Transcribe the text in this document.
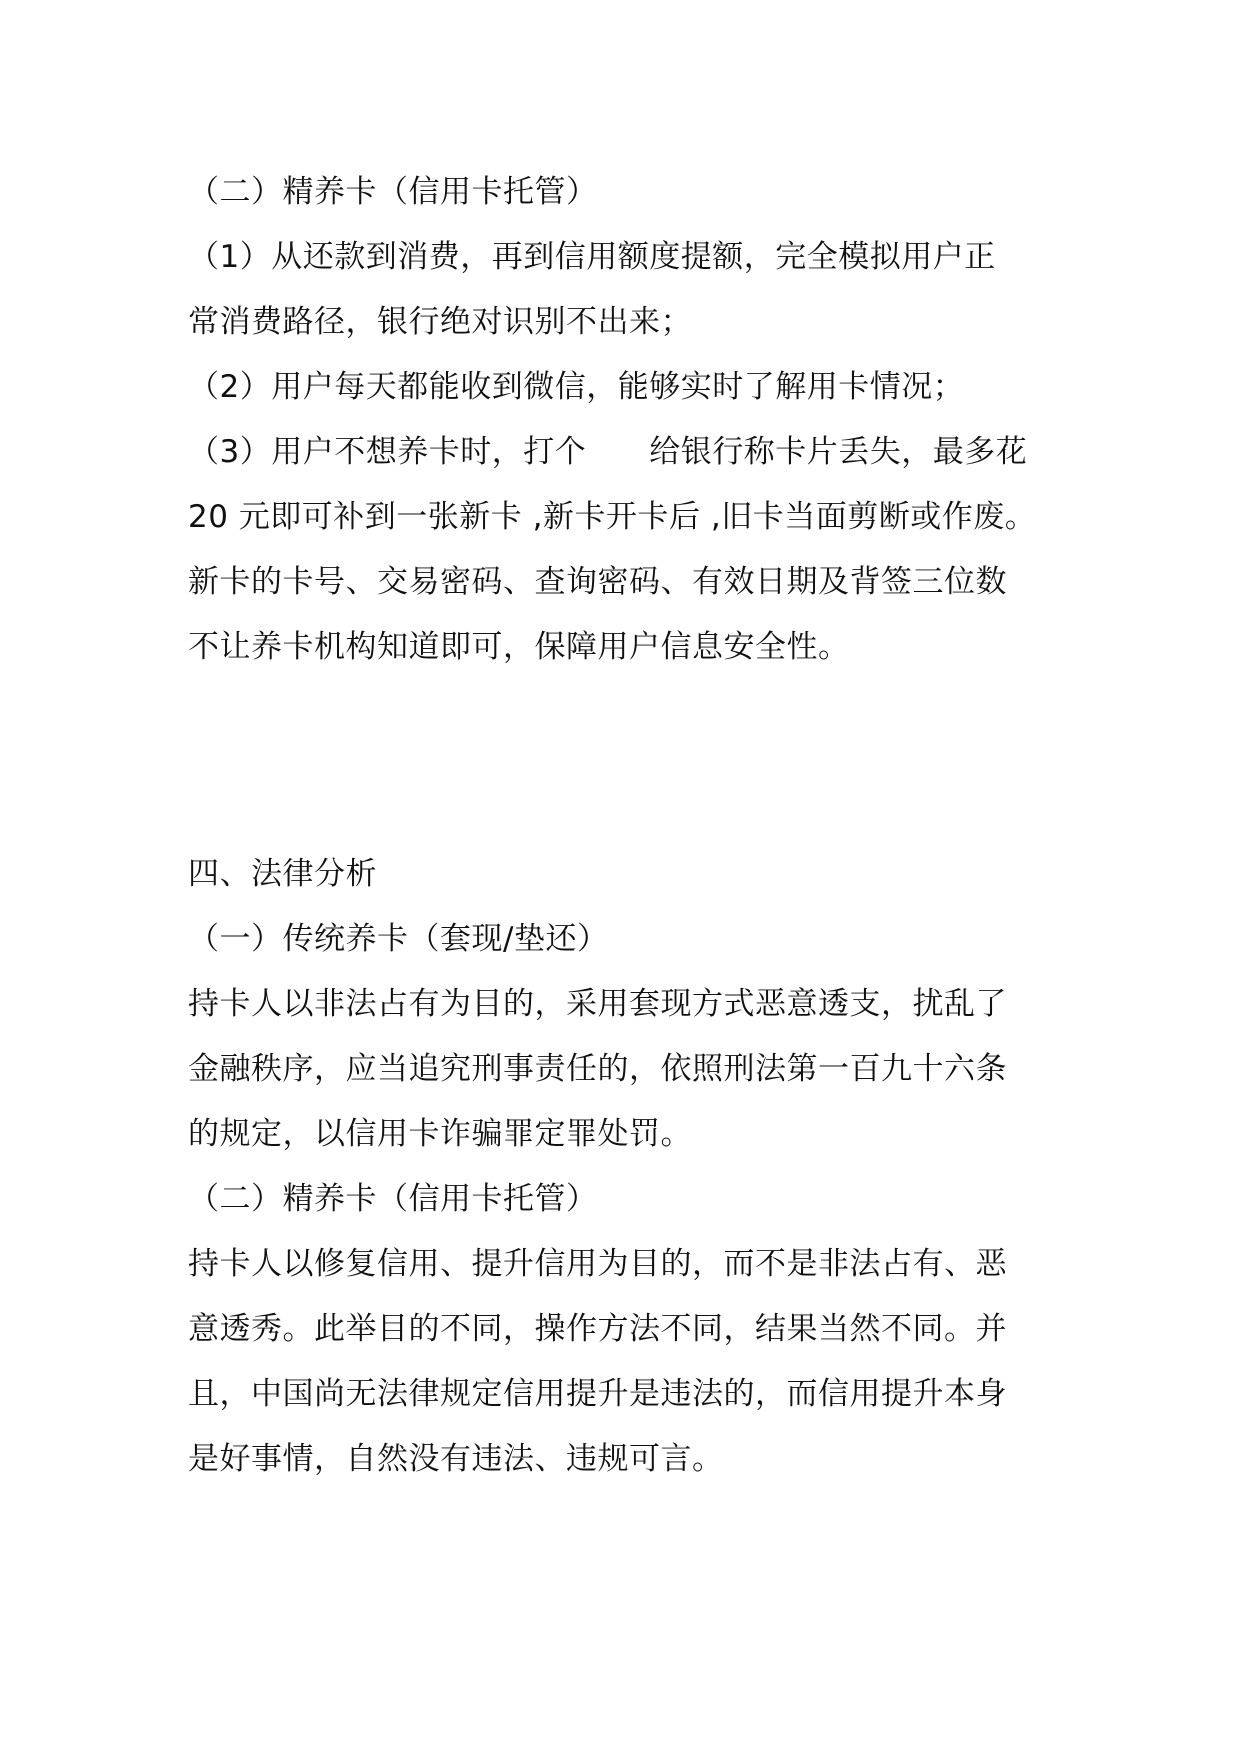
（二）精养卡（信用卡托管）
（1）从还款到消费，再到信用额度提额，完全模拟用户正
常消费路径，银行绝对识别不出来；
（2）用户每天都能收到微信，能够实时了解用卡情况；
（3）用户不想养卡时，打个　　给银行称卡片丢失，最多花
20 元即可补到一张新卡 ,新卡开卡后 ,旧卡当面剪断或作废。
新卡的卡号、交易密码、查询密码、有效日期及背签三位数
不让养卡机构知道即可，保障用户信息安全性。
四、法律分析
（一）传统养卡（套现/垫还）
持卡人以非法占有为目的，采用套现方式恶意透支，扰乱了
金融秩序，应当追究刑事责任的，依照刑法第一百九十六条
的规定，以信用卡诈骗罪定罪处罚。
（二）精养卡（信用卡托管）
持卡人以修复信用、提升信用为目的，而不是非法占有、恶
意透秀。此举目的不同，操作方法不同，结果当然不同。并
且，中国尚无法律规定信用提升是违法的，而信用提升本身
是好事情，自然没有违法、违规可言。
